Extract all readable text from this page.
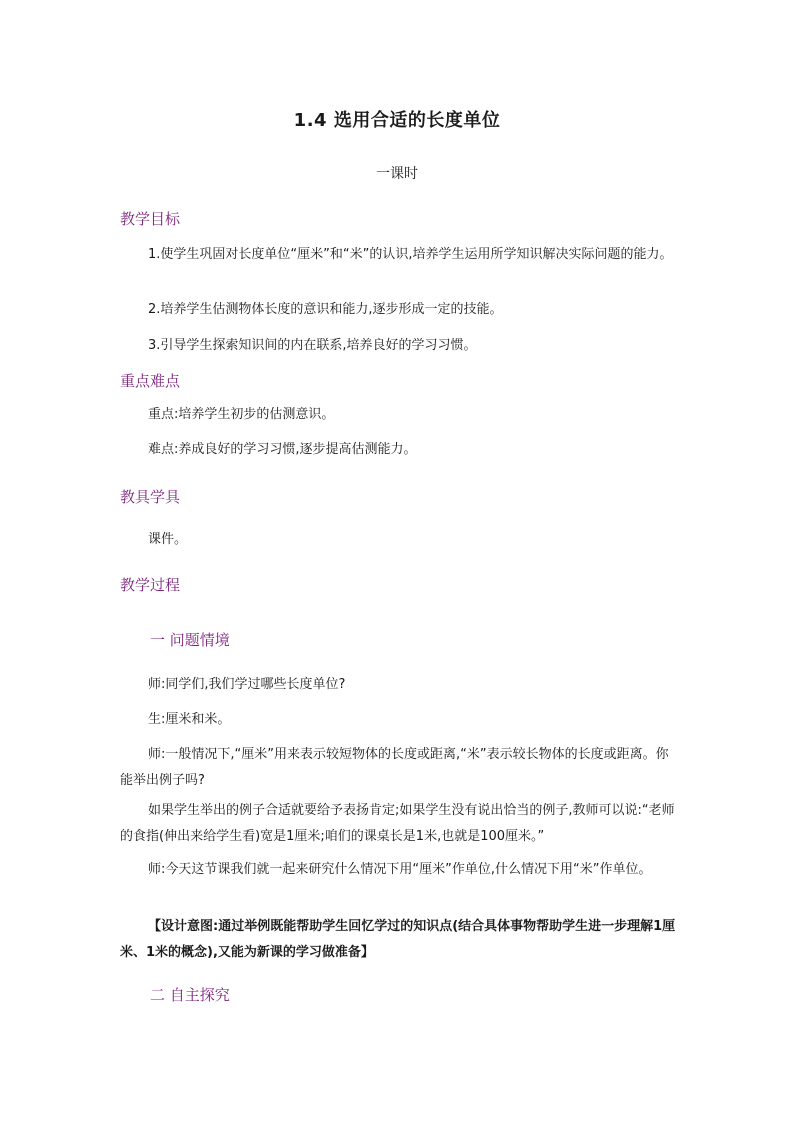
1.4 选用合适的长度单位
一课时
教学目标

1.使学生巩固对长度单位“厘米”和“米”的认识,培养学生运用所学知识解决实际问题的能力。

2.培养学生估测物体长度的意识和能力,逐步形成一定的技能。

3.引导学生探索知识间的内在联系,培养良好的学习习惯。

重点难点

重点:培养学生初步的估测意识。

难点:养成良好的学习习惯,逐步提高估测能力。

教具学具

课件。

教学过程
一 问题情境

师:同学们,我们学过哪些长度单位?

生:厘米和米。

师:一般情况下,“厘米”用来表示较短物体的长度或距离,“米”表示较长物体的长度或距离。你能举出例子吗?

如果学生举出的例子合适就要给予表扬肯定;如果学生没有说出恰当的例子,教师可以说:“老师的食指(伸出来给学生看)宽是1厘米;咱们的课桌长是1米,也就是100厘米。”

师:今天这节课我们就一起来研究什么情况下用“厘米”作单位,什么情况下用“米”作单位。

【设计意图:通过举例既能帮助学生回忆学过的知识点(结合具体事物帮助学生进一步理解1厘米、1米的概念),又能为新课的学习做准备】

二 自主探究
